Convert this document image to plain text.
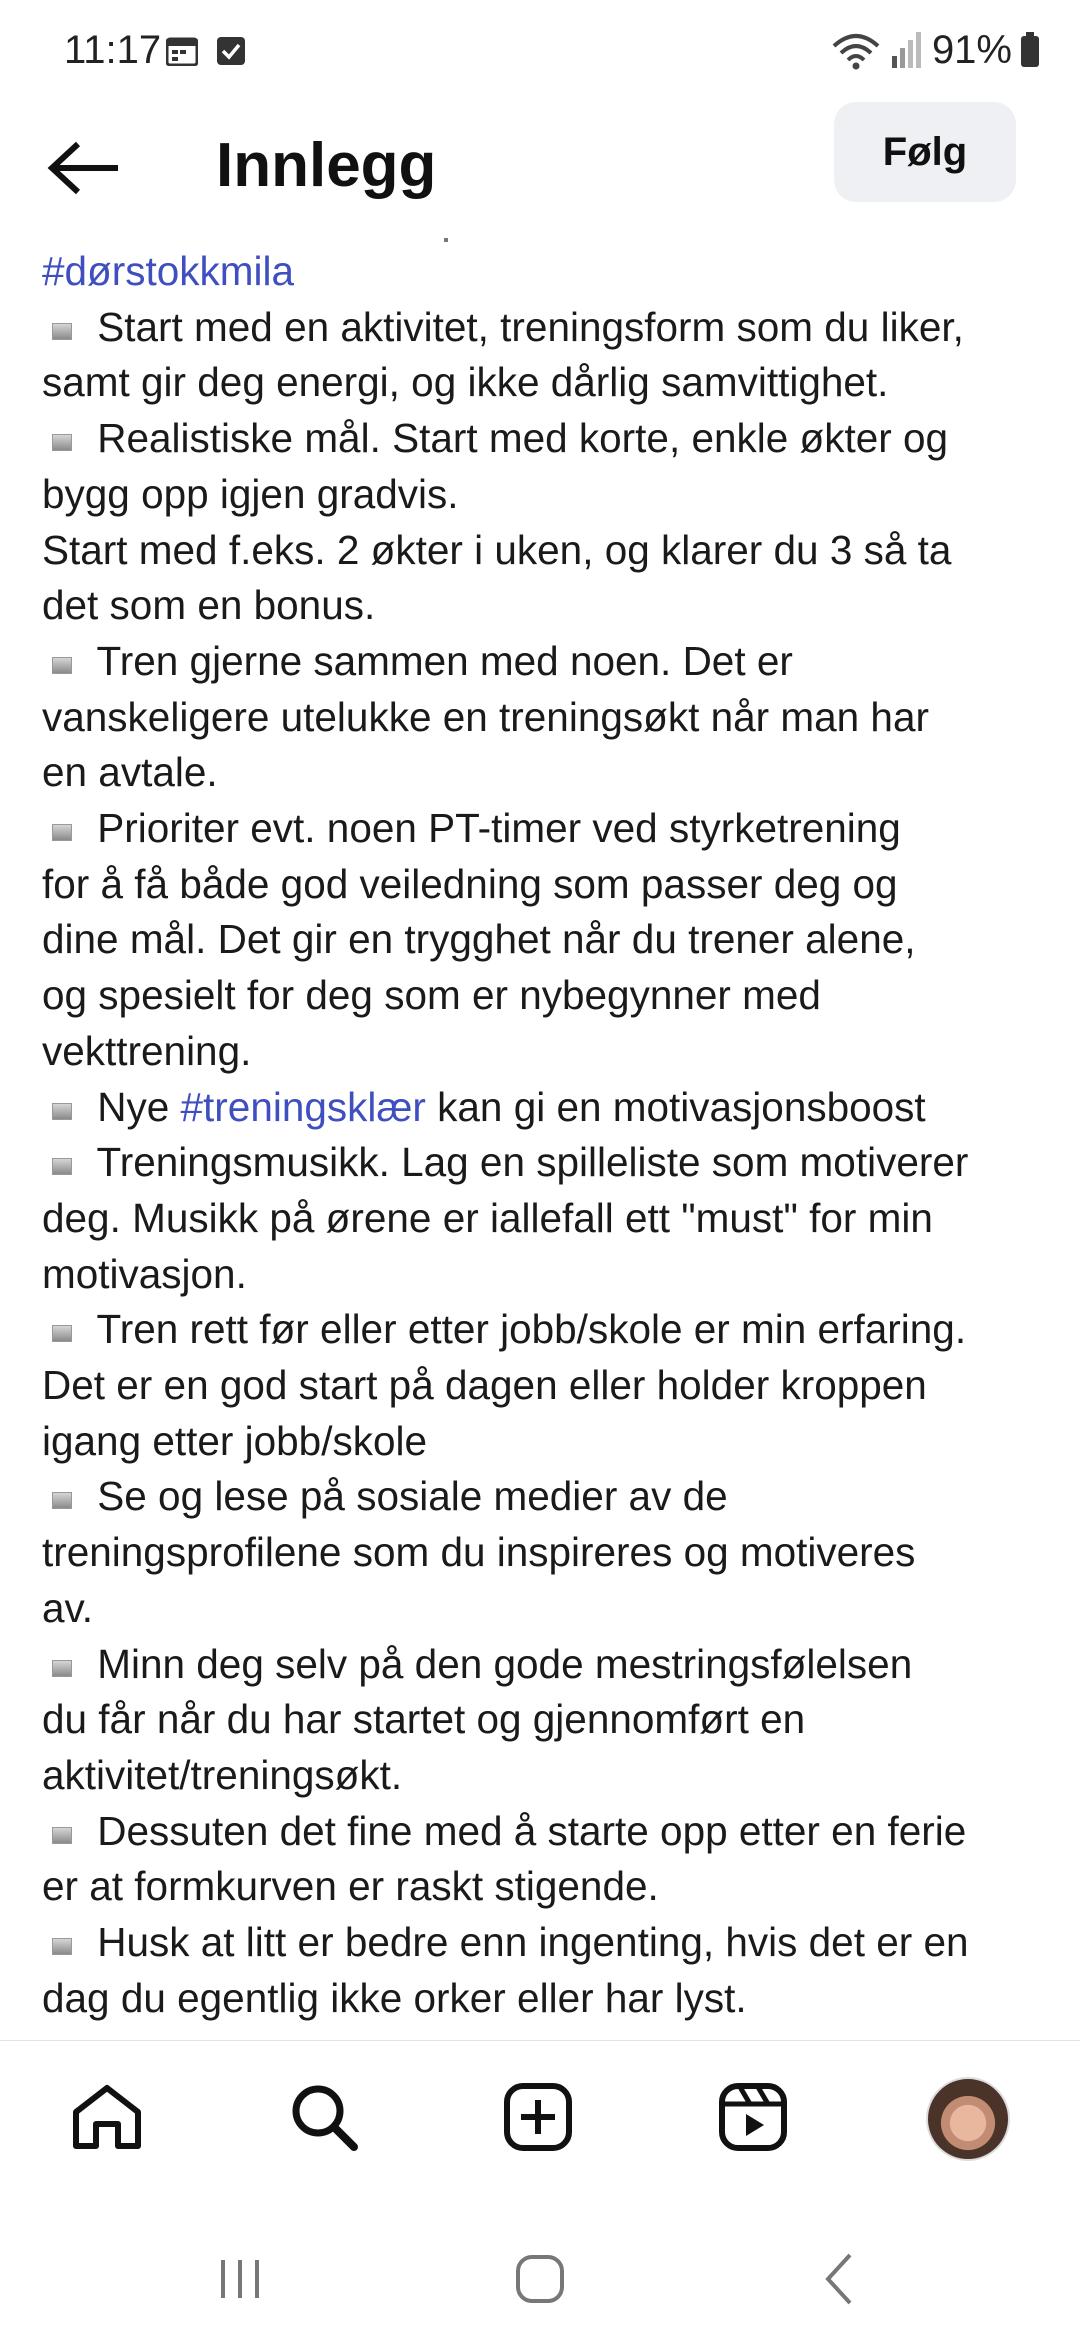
11:17	91%
Innlegg	Følg
#dørstokkmila
Start med en aktivitet, treningsform som du liker,
samt gir deg energi, og ikke dårlig samvittighet.
Realistiske mål. Start med korte, enkle økter og
bygg opp igjen gradvis.
Start med f.eks. 2 økter i uken, og klarer du 3 så ta
det som en bonus.
Tren gjerne sammen med noen. Det er
vanskeligere utelukke en treningsøkt når man har
en avtale.
Prioriter evt. noen PT-timer ved styrketrening
for å få både god veiledning som passer deg og
dine mål. Det gir en trygghet når du trener alene,
og spesielt for deg som er nybegynner med
vekttrening.
Nye #treningsklær kan gi en motivasjonsboost
Treningsmusikk. Lag en spilleliste som motiverer
deg. Musikk på ørene er iallefall ett "must" for min
motivasjon.
Tren rett før eller etter jobb/skole er min erfaring.
Det er en god start på dagen eller holder kroppen
igang etter jobb/skole
Se og lese på sosiale medier av de
treningsprofilene som du inspireres og motiveres
av.
Minn deg selv på den gode mestringsfølelsen
du får når du har startet og gjennomført en
aktivitet/treningsøkt.
Dessuten det fine med å starte opp etter en ferie
er at formkurven er raskt stigende.
Husk at litt er bedre enn ingenting, hvis det er en
dag du egentlig ikke orker eller har lyst.
